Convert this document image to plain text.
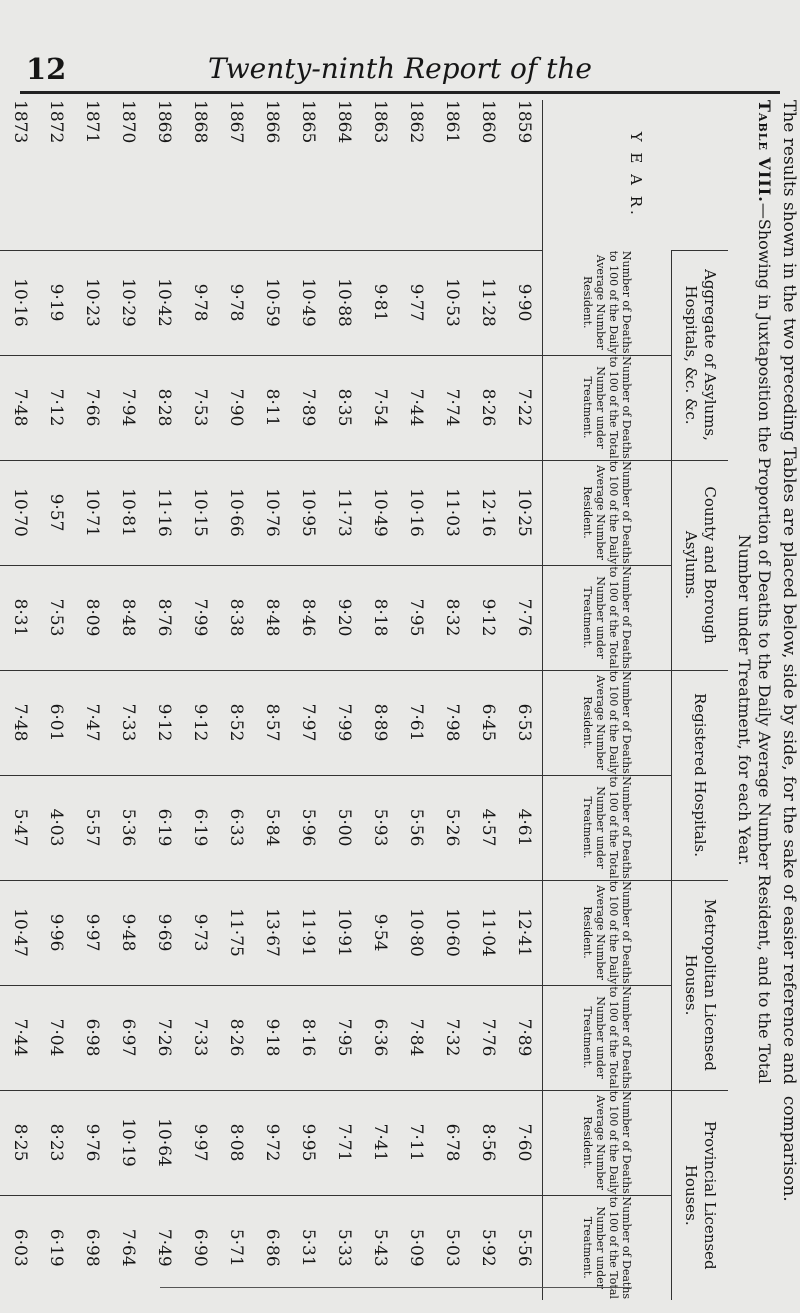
12	Twenty-ninth Report of the
The results shown in the two preceding Tables are placed below, side by side, for the sake of easier reference and comparison.
Y E A R.	Aggregate of Asylums, Hospitals, &c. &c.		County and Borough Asylums.		Registered Hospitals.		Metropolitan Licensed Houses.		Provincial Licensed Houses.	
	Number of Deaths to 100 of the Daily Average Number Resident.	Number of Deaths to 100 of the Total Number under Treatment.	Number of Deaths to 100 of the Daily Average Number Resident.	Number of Deaths to 100 of the Total Number under Treatment.	Number of Deaths to 100 of the Daily Average Number Resident.	Number of Deaths to 100 of the Total Number under Treatment.	Number of Deaths to 100 of the Daily Average Number Resident.	Number of Deaths to 100 of the Total Number under Treatment.	Number of Deaths to 100 of the Daily Average Number Resident.	Number of Deaths to 100 of the Total Number under Treatment.
1859	9·90	7·22	10·25	7·76	6·53	4·61	12·41	7·89	7·60	5·56
1860	11·28	8·26	12·16	9·12	6·45	4·57	11·04	7·76	8·56	5·92
1861	10·53	7·74	11·03	8·32	7·98	5·26	10·60	7·32	6·78	5·03
1862	9·77	7·44	10·16	7·95	7·61	5·56	10·80	7·84	7·11	5·09
1863	9·81	7·54	10·49	8·18	8·89	5·93	9·54	6·36	7·41	5·43
1864	10·88	8·35	11·73	9·20	7·99	5·00	10·91	7·95	7·71	5·33
1865	10·49	7·89	10·95	8·46	7·97	5·96	11·91	8·16	9·95	5·31
1866	10·59	8·11	10·76	8·48	8·57	5·84	13·67	9·18	9·72	6·86
1867	9·78	7·90	10·66	8·38	8·52	6·33	11·75	8·26	8·08	5·71
1868	9·78	7·53	10·15	7·99	9·12	6·19	9·73	7·33	9·97	6·90
1869	10·42	8·28	11·16	8·76	9·12	6·19	9·69	7·26	10·64	7·49
1870	10·29	7·94	10·81	8·48	7·33	5·36	9·48	6·97	10·19	7·64
1871	10·23	7·66	10·71	8·09	7·47	5·57	9·97	6·98	9·76	6·98
1872	9·19	7·12	9·57	7·53	6·01	4·03	9·96	7·04	8·23	6·19
1873	10·16	7·48	10·70	8·31	7·48	5·47	10·47	7·44	8·25	6·03

Table VIII.—Showing in Juxtaposition the Proportion of Deaths to the Daily Average Number Resident, and to the Total
Number under Treatment, for each Year.
